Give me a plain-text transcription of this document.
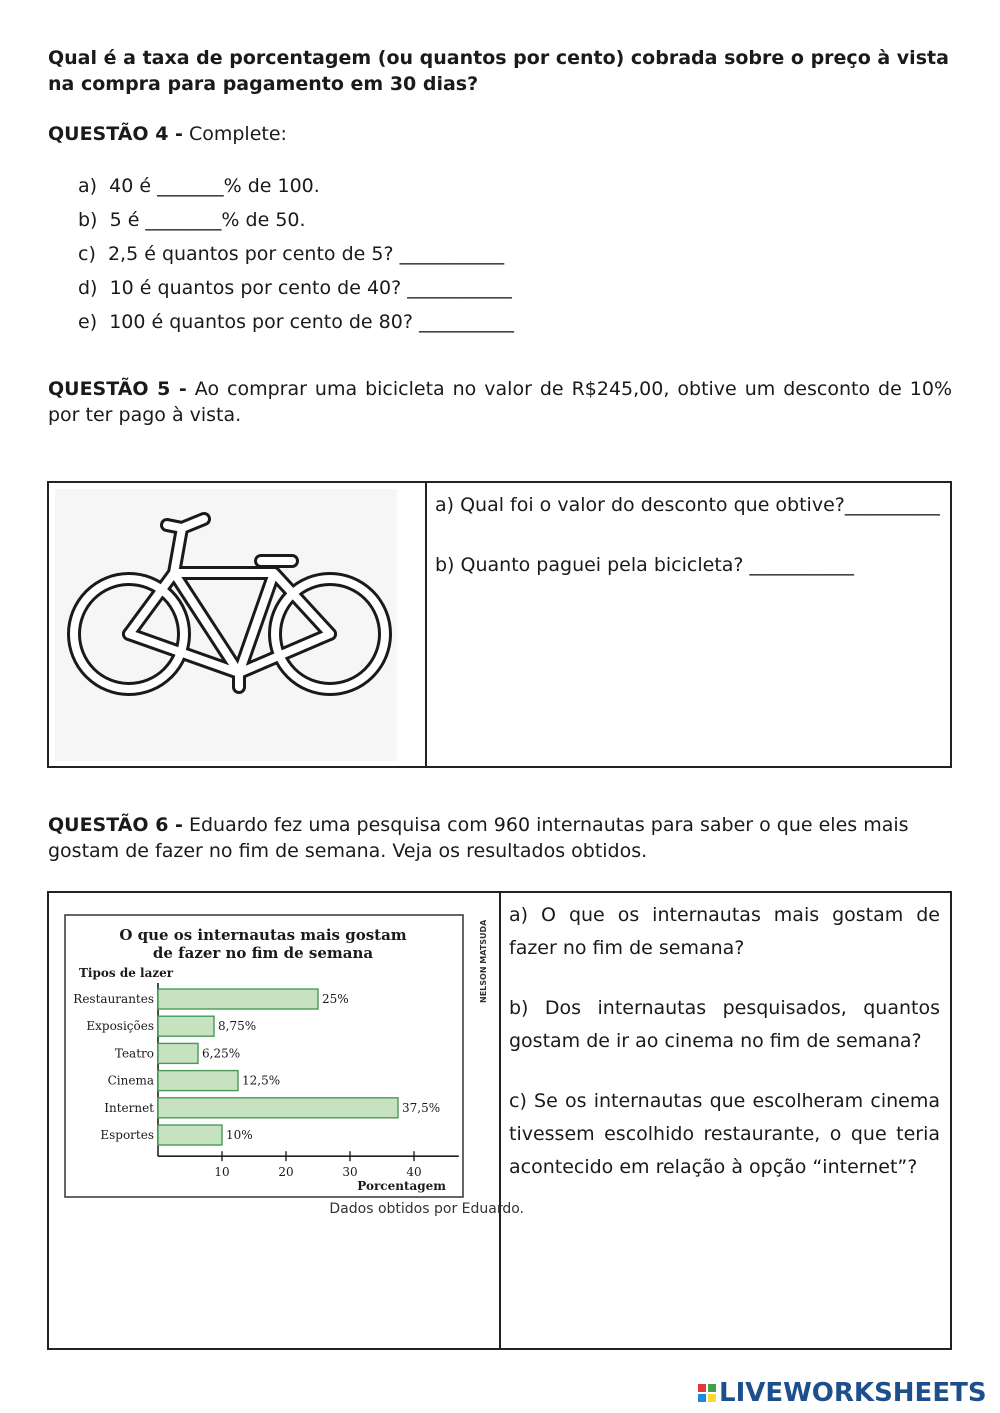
Qual é a taxa de porcentagem (ou quantos por cento) cobrada sobre o preço à vista na compra para pagamento em 30 dias?

QUESTÃO 4 - Complete:

a) 40 é _______% de 100.
b) 5 é ________% de 50.
c) 2,5 é quantos por cento de 5? ___________
d) 10 é quantos por cento de 40? ___________
e) 100 é quantos por cento de 80? __________

QUESTÃO 5 - Ao comprar uma bicicleta no valor de R$245,00, obtive um desconto de 10% por ter pago à vista.

a) Qual foi o valor do desconto que obtive?__________
b) Quanto paguei pela bicicleta? ___________

QUESTÃO 6 - Eduardo fez uma pesquisa com 960 internautas para saber o que eles mais gostam de fazer no fim de semana. Veja os resultados obtidos.

O que os internautas mais gostam
de fazer no fim de semana
Tipos de lazer
Restaurantes	25%
Exposições	8,75%
Teatro	6,25%
Cinema	12,5%
Internet	37,5%
Esportes	10%
10	20	30	40
Porcentagem
Dados obtidos por Eduardo.

a) O que os internautas mais gostam de fazer no fim de semana?
b) Dos internautas pesquisados, quantos gostam de ir ao cinema no fim de semana?
c) Se os internautas que escolheram cinema tivessem escolhido restaurante, o que teria acontecido em relação à opção “internet”?
NELSON MATSUDA
LIVEWORKSHEETS
